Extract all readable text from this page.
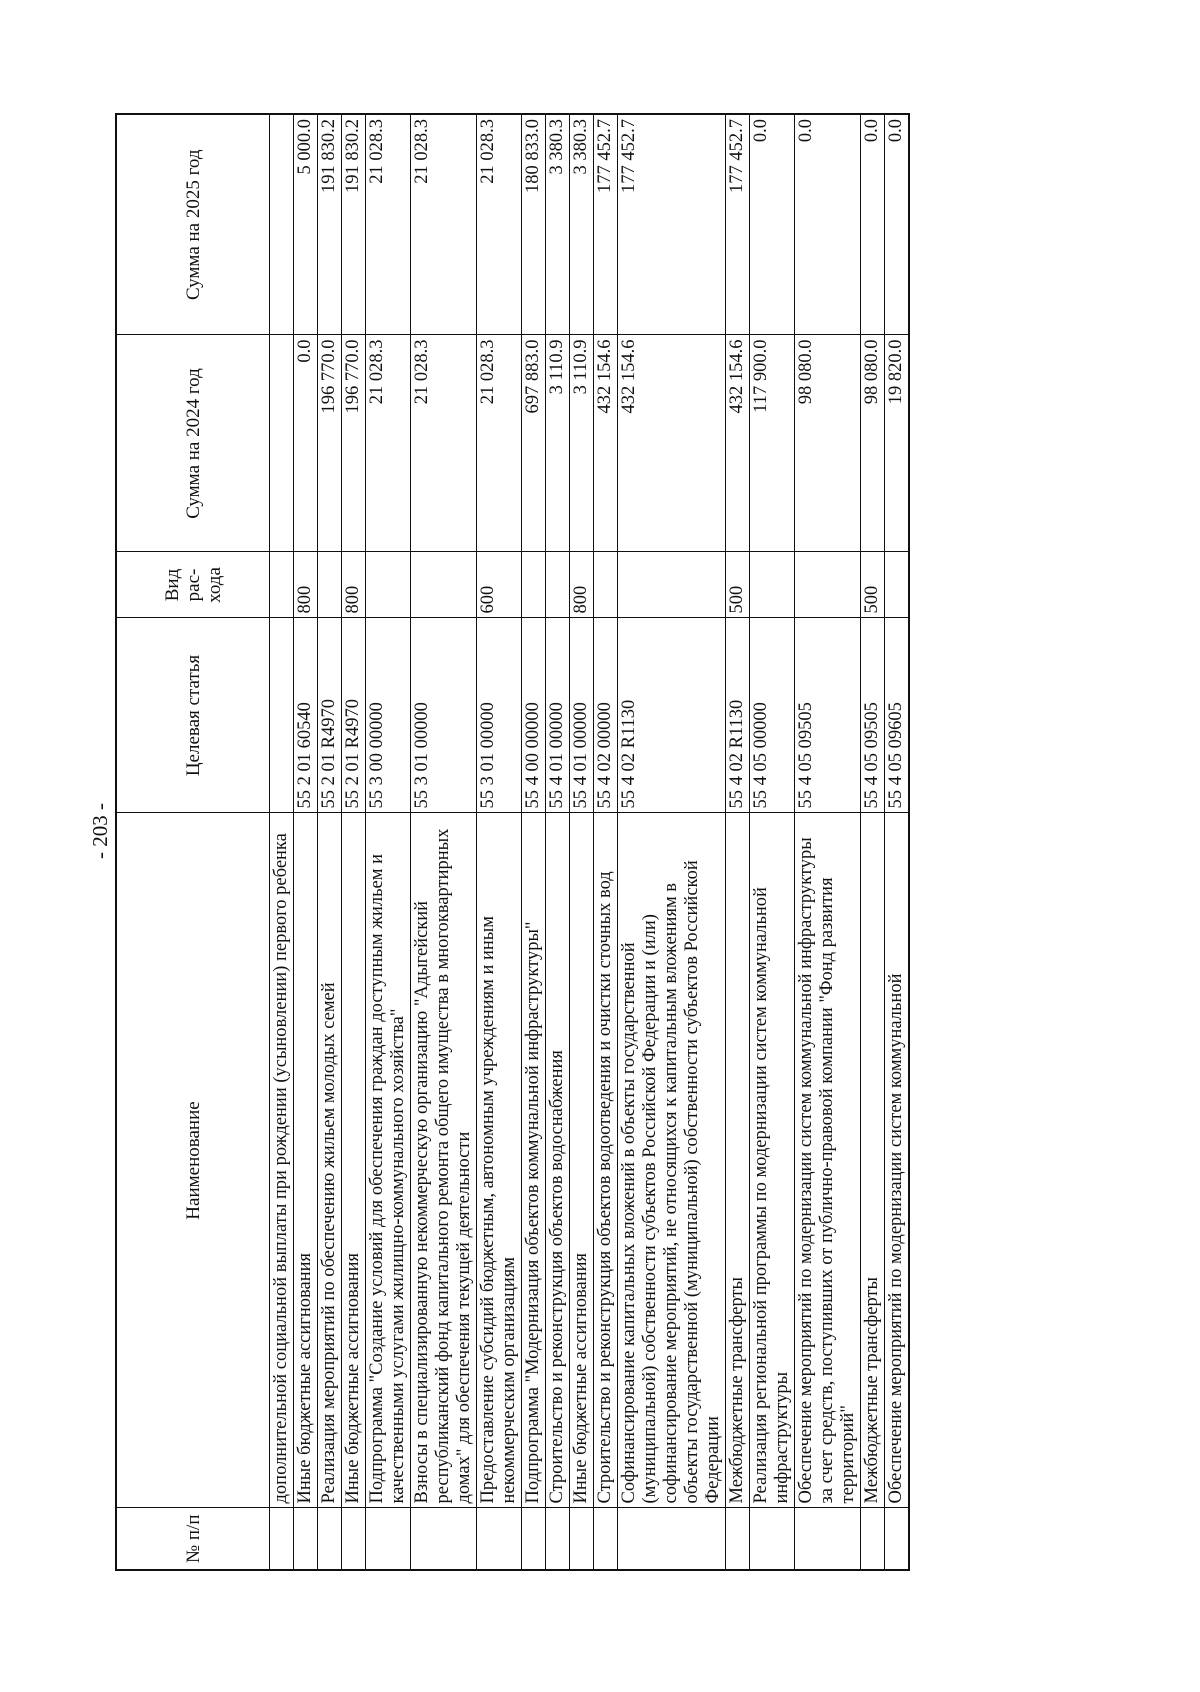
- 203 -
№ п/п	Наименование	Целевая статья	Вид рас-хода	Сумма на 2024 год	Сумма на 2025 год
	дополнительной социальной выплаты при рождении (усыновлении) первого ребенка				
	Иные бюджетные ассигнования	55 2 01 60540	800	0.0	5 000.0
	Реализация мероприятий по обеспечению жильем молодых семей	55 2 01 R4970		196 770.0	191 830.2
	Иные бюджетные ассигнования	55 2 01 R4970	800	196 770.0	191 830.2
	Подпрограмма "Создание условий для обеспечения граждан доступным жильем и качественными услугами жилищно-коммунального хозяйства"	55 3 00 00000		21 028.3	21 028.3
	Взносы в специализированную некоммерческую организацию "Адыгейский республиканский фонд капитального ремонта общего имущества в многоквартирных домах" для обеспечения текущей деятельности	55 3 01 00000		21 028.3	21 028.3
	Предоставление субсидий бюджетным, автономным учреждениям и иным некоммерческим организациям	55 3 01 00000	600	21 028.3	21 028.3
	Подпрограмма "Модернизация объектов коммунальной инфраструктуры"	55 4 00 00000		697 883.0	180 833.0
	Строительство и реконструкция объектов водоснабжения	55 4 01 00000		3 110.9	3 380.3
	Иные бюджетные ассигнования	55 4 01 00000	800	3 110.9	3 380.3
	Строительство и реконструкция объектов водоотведения и очистки сточных вод	55 4 02 00000		432 154.6	177 452.7
	Софинансирование капитальных вложений в объекты государственной (муниципальной) собственности субъектов Российской Федерации и (или) софинансирование мероприятий, не относящихся к капитальным вложениям в объекты государственной (муниципальной) собственности субъектов Российской Федерации	55 4 02 R1130		432 154.6	177 452.7
	Межбюджетные трансферты	55 4 02 R1130	500	432 154.6	177 452.7
	Реализация региональной программы по модернизации систем коммунальной инфраструктуры	55 4 05 00000		117 900.0	0.0
	Обеспечение мероприятий по модернизации систем коммунальной инфраструктуры за счет средств, поступивших от публично-правовой компании "Фонд развития территорий"	55 4 05 09505		98 080.0	0.0
	Межбюджетные трансферты	55 4 05 09505	500	98 080.0	0.0
	Обеспечение мероприятий по модернизации систем коммунальной	55 4 05 09605		19 820.0	0.0
